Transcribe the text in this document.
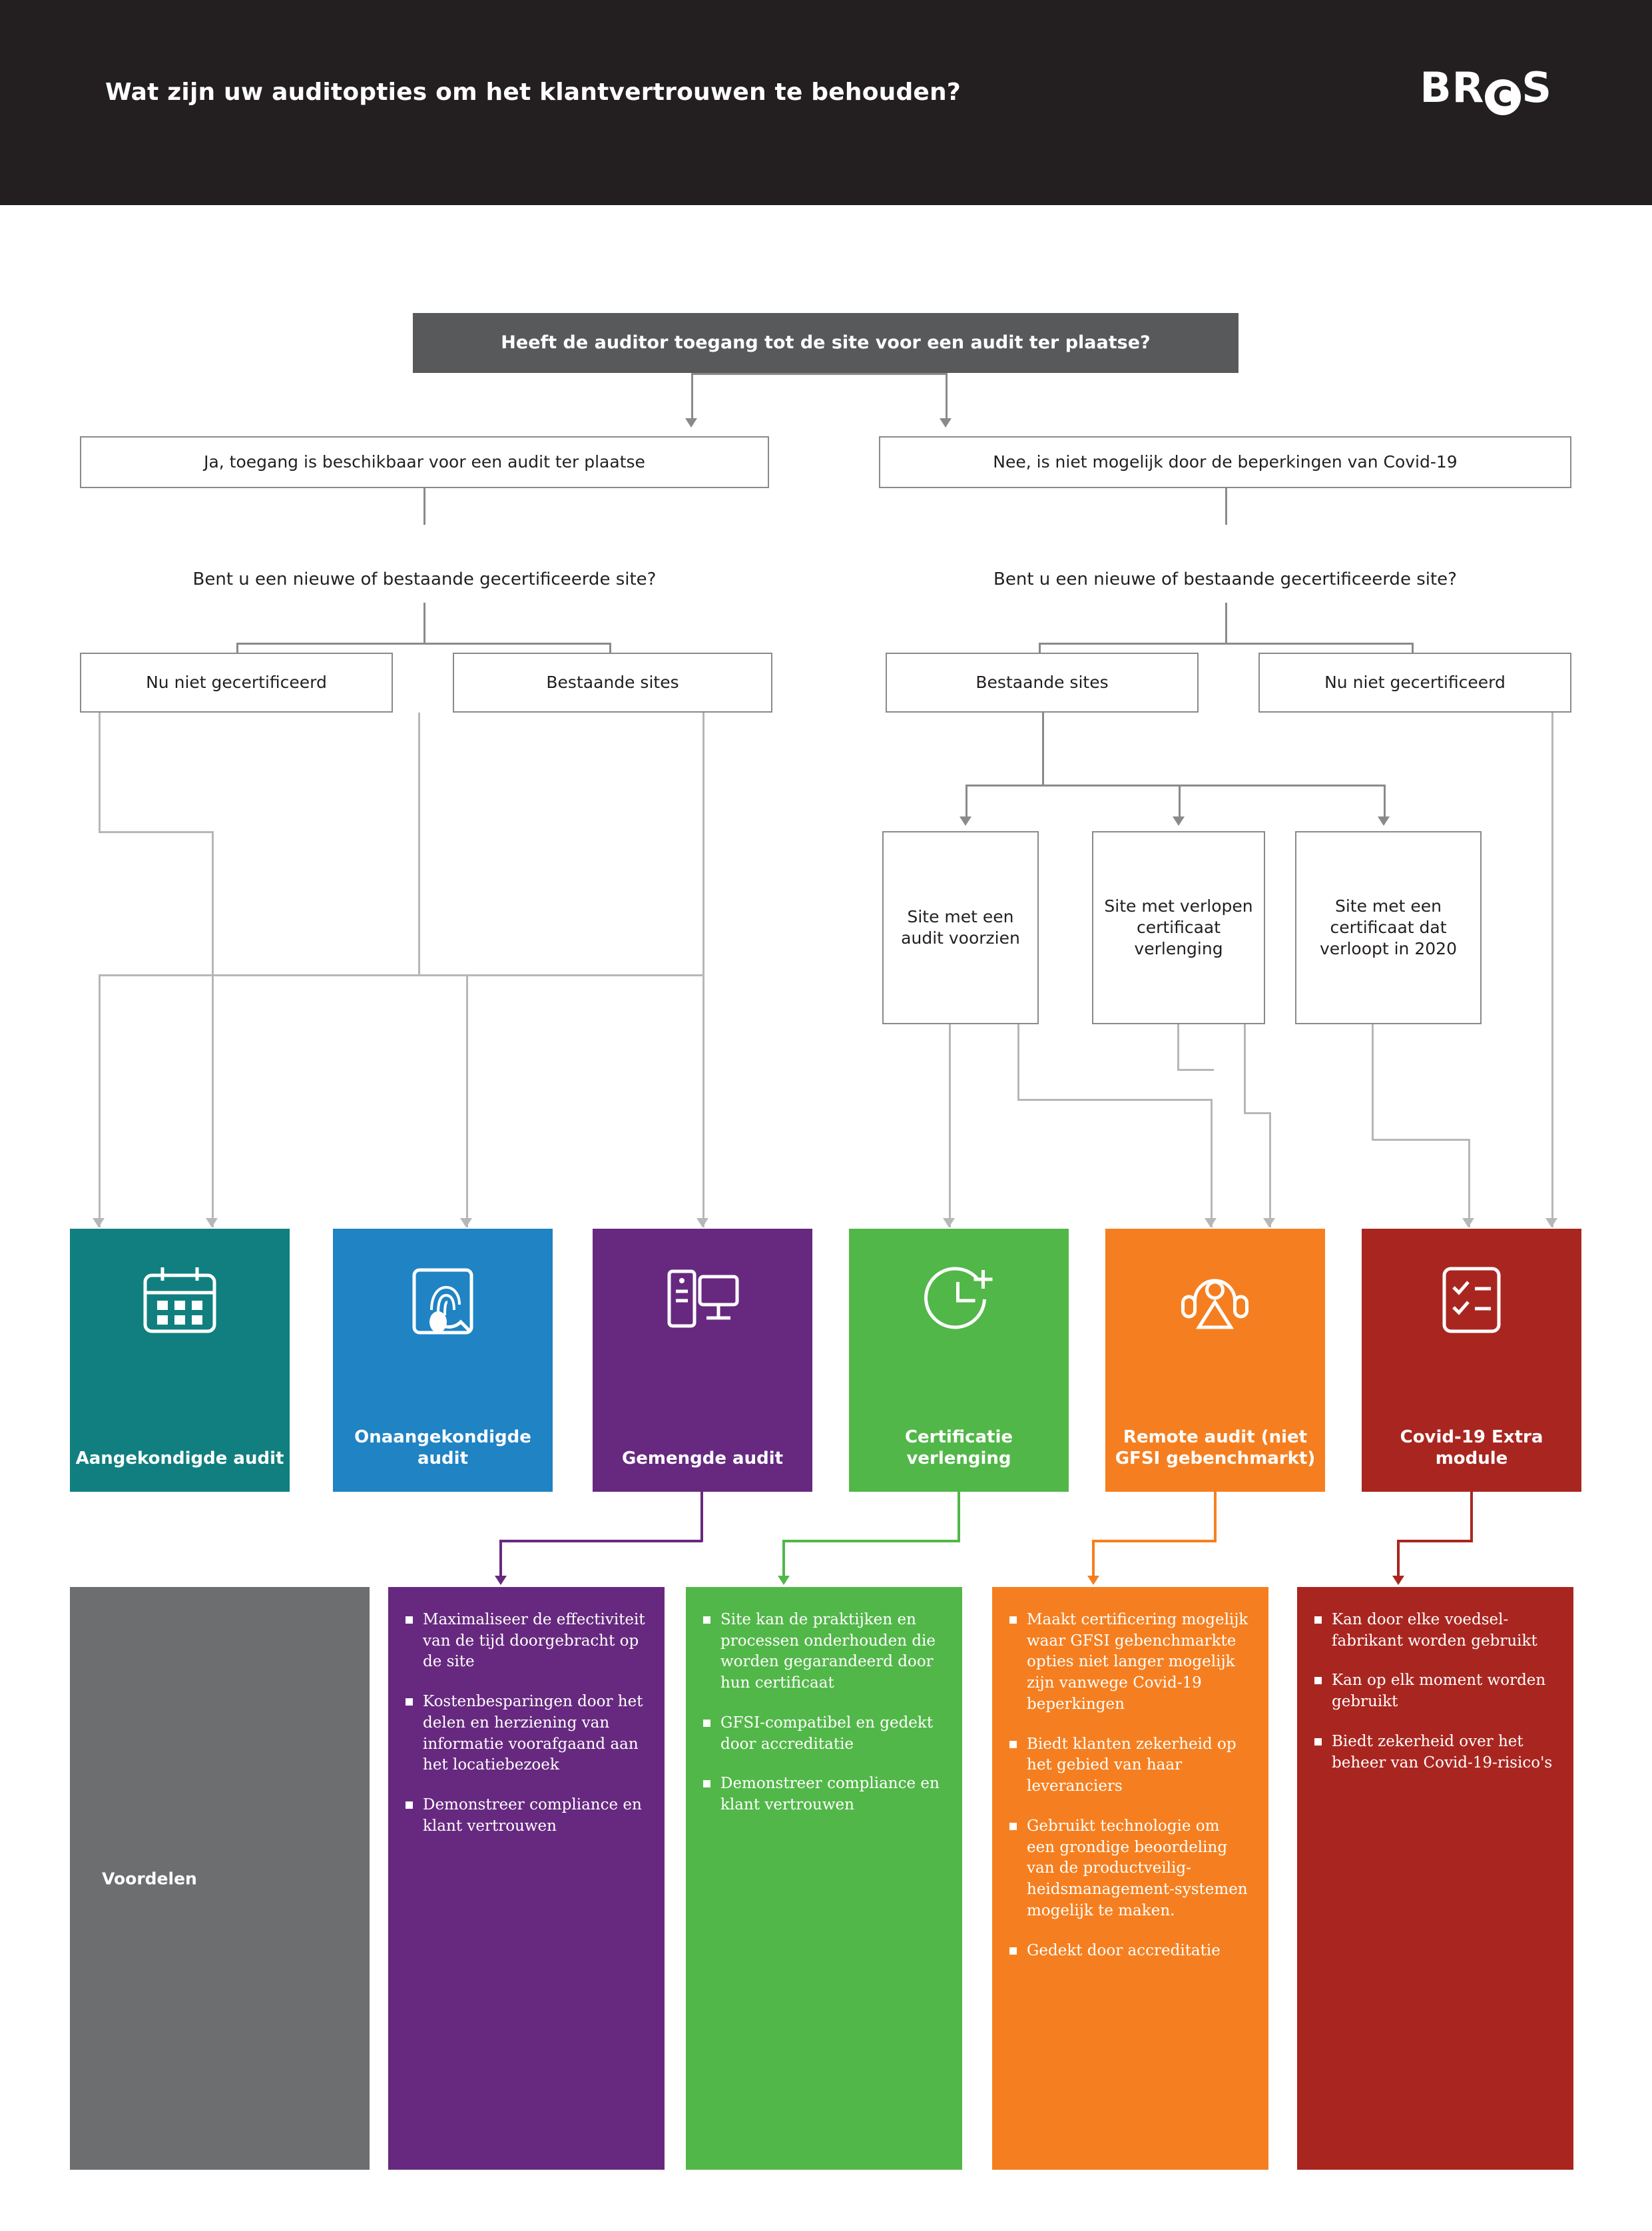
Wat zijn uw auditopties om het klantvertrouwen te behouden?	BR C S
Heeft de auditor toegang tot de site voor een audit ter plaatse?
Ja, toegang is beschikbaar voor een audit ter plaatse	Nee, is niet mogelijk door de beperkingen van Covid-19
Bent u een nieuwe of bestaande gecertificeerde site?	Bent u een nieuwe of bestaande gecertificeerde site?
Nu niet gecertificeerd	Bestaande sites	Bestaande sites	Nu niet gecertificeerd
Site met een audit voorzien
Site met verlopen certificaat verlenging
Site met een certificaat dat verloopt in 2020
Aangekondigde audit
Onaangekondigde audit	Gemengde audit
Certificatie verlenging
Remote audit (niet GFSI gebenchmarkt)
Covid-19 Extra module
Voordelen
Maximaliseer de effectiviteit van de tijd doorgebracht op de site
Kostenbesparingen door het delen en herziening van informatie voorafgaand aan het locatiebezoek
Demonstreer compliance en klant vertrouwen
Site kan de praktijken en processen onderhouden die worden gegarandeerd door hun certificaat
GFSI-compatibel en gedekt door accreditatie
Demonstreer compliance en klant vertrouwen
Maakt certificering mogelijk waar GFSI gebenchmarkte opties niet langer mogelijk zijn vanwege Covid-19 beperkingen
Biedt klanten zekerheid op het gebied van haar leveranciers
Gebruikt technologie om een grondige beoordeling van de productveilig-heidsmanagement-systemen mogelijk te maken.
Gedekt door accreditatie
Kan door elke voedsel-fabrikant worden gebruikt
Kan op elk moment worden gebruikt
Biedt zekerheid over het beheer van Covid-19-risico's
